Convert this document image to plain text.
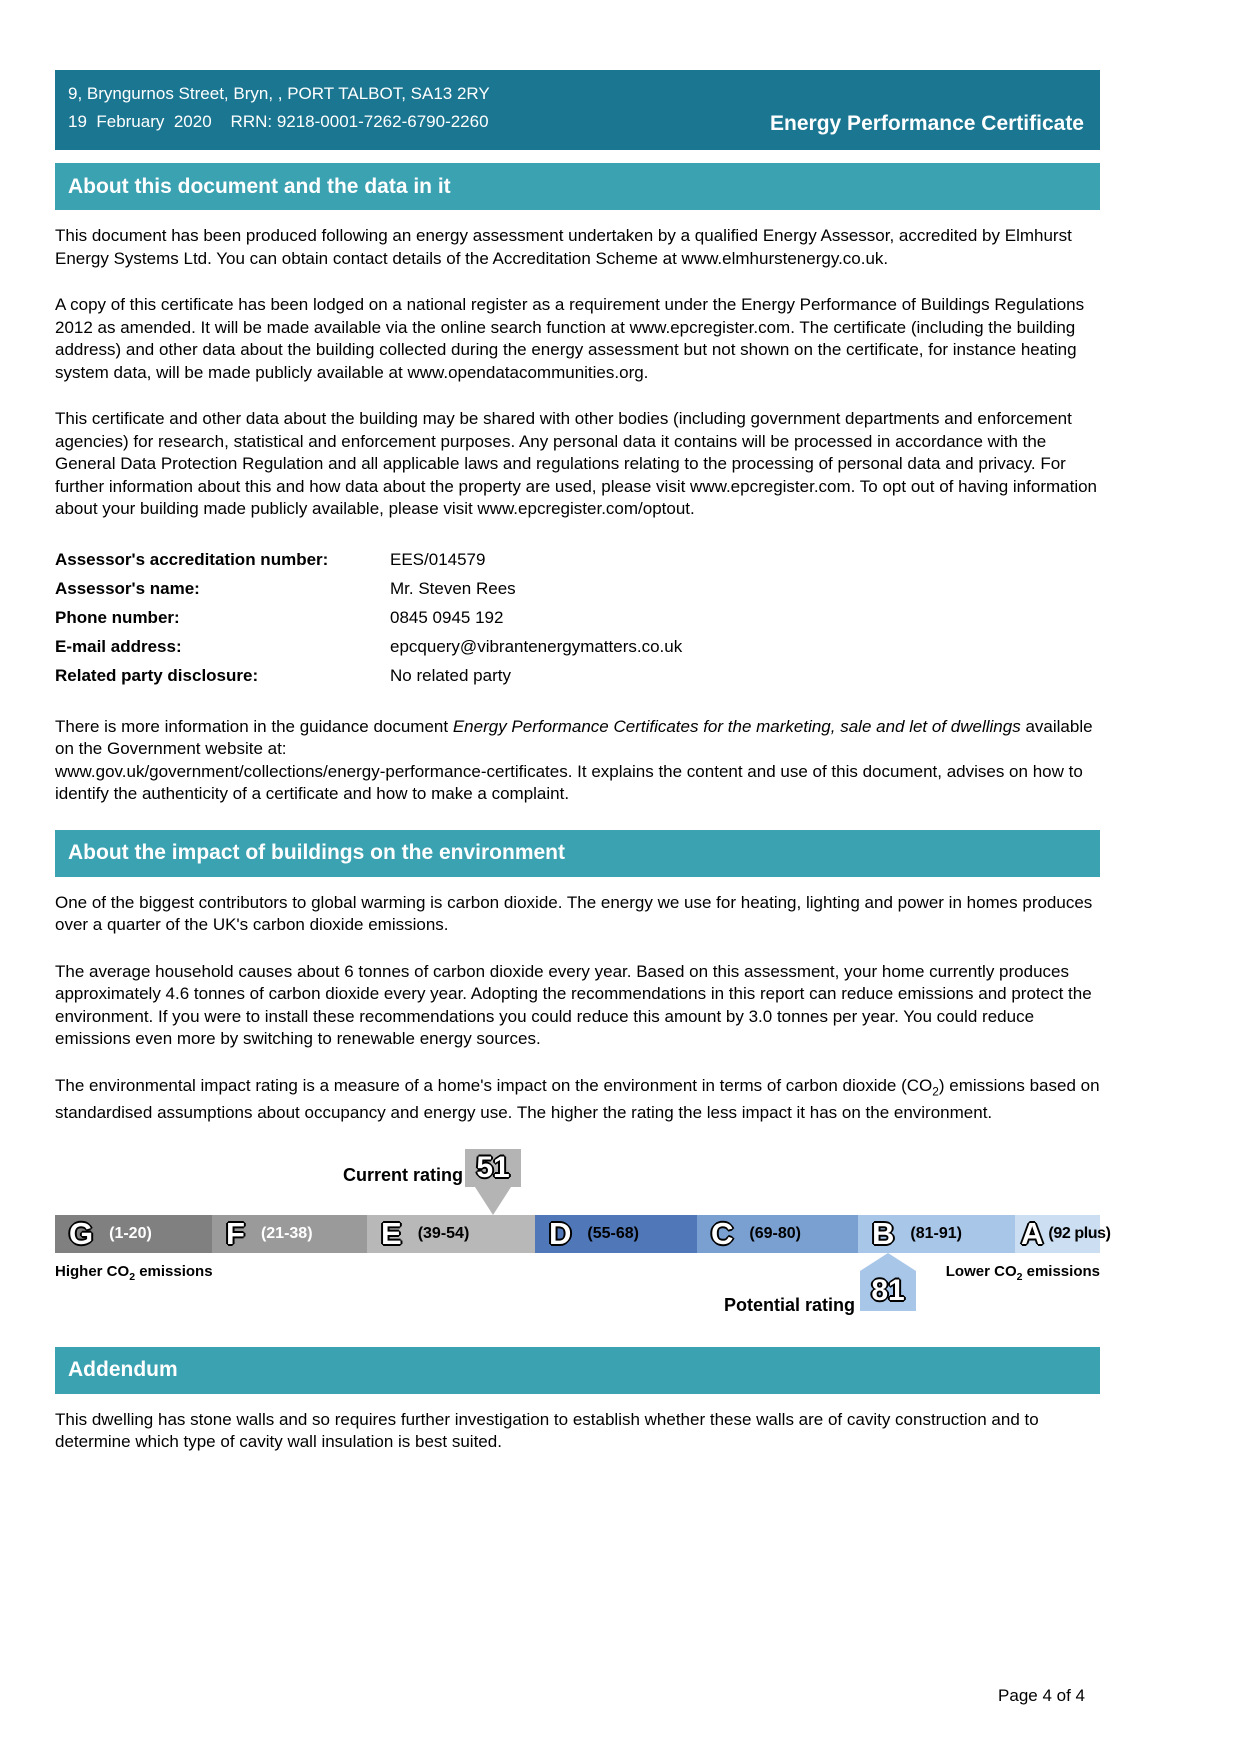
9, Bryngurnos Street, Bryn, , PORT TALBOT, SA13 2RY
19  February  2020    RRN: 9218-0001-7262-6790-2260	Energy Performance Certificate
About this document and the data in it

This document has been produced following an energy assessment undertaken by a qualified Energy Assessor, accredited by Elmhurst Energy Systems Ltd. You can obtain contact details of the Accreditation Scheme at www.elmhurstenergy.co.uk.

A copy of this certificate has been lodged on a national register as a requirement under the Energy Performance of Buildings Regulations 2012 as amended. It will be made available via the online search function at www.epcregister.com. The certificate (including the building address) and other data about the building collected during the energy assessment but not shown on the certificate, for instance heating system data, will be made publicly available at www.opendatacommunities.org.

This certificate and other data about the building may be shared with other bodies (including government departments and enforcement agencies) for research, statistical and enforcement purposes. Any personal data it contains will be processed in accordance with the General Data Protection Regulation and all applicable laws and regulations relating to the processing of personal data and privacy. For further information about this and how data about the property are used, please visit www.epcregister.com. To opt out of having information about your building made publicly available, please visit www.epcregister.com/optout.

Assessor's accreditation number:	EES/014579
Assessor's name:	Mr. Steven Rees
Phone number:	0845 0945 192
E-mail address:	epcquery@vibrantenergymatters.co.uk
Related party disclosure:	No related party

There is more information in the guidance document Energy Performance Certificates for the marketing, sale and let of dwellings available on the Government website at:
www.gov.uk/government/collections/energy-performance-certificates. It explains the content and use of this document, advises on how to identify the authenticity of a certificate and how to make a complaint.

About the impact of buildings on the environment

One of the biggest contributors to global warming is carbon dioxide. The energy we use for heating, lighting and power in homes produces over a quarter of the UK's carbon dioxide emissions.

The average household causes about 6 tonnes of carbon dioxide every year. Based on this assessment, your home currently produces approximately 4.6 tonnes of carbon dioxide every year. Adopting the recommendations in this report can reduce emissions and protect the environment. If you were to install these recommendations you could reduce this amount by 3.0 tonnes per year. You could reduce emissions even more by switching to renewable energy sources.

The environmental impact rating is a measure of a home's impact on the environment in terms of carbon dioxide $(CO_2)$ emissions based on standardised assumptions about occupancy and energy use. The higher the rating the less impact it has on the environment.

Current rating 51
G (1-20) F (21-38) E (39-54)	D (55-68) C (69-80) B (81-91) A (92 plus)
Higher $CO_2$ emissions	Lower $CO_2$ emissions
Potential rating 81
Addendum

This dwelling has stone walls and so requires further investigation to establish whether these walls are of cavity construction and to determine which type of cavity wall insulation is best suited.

Page 4 of 4
